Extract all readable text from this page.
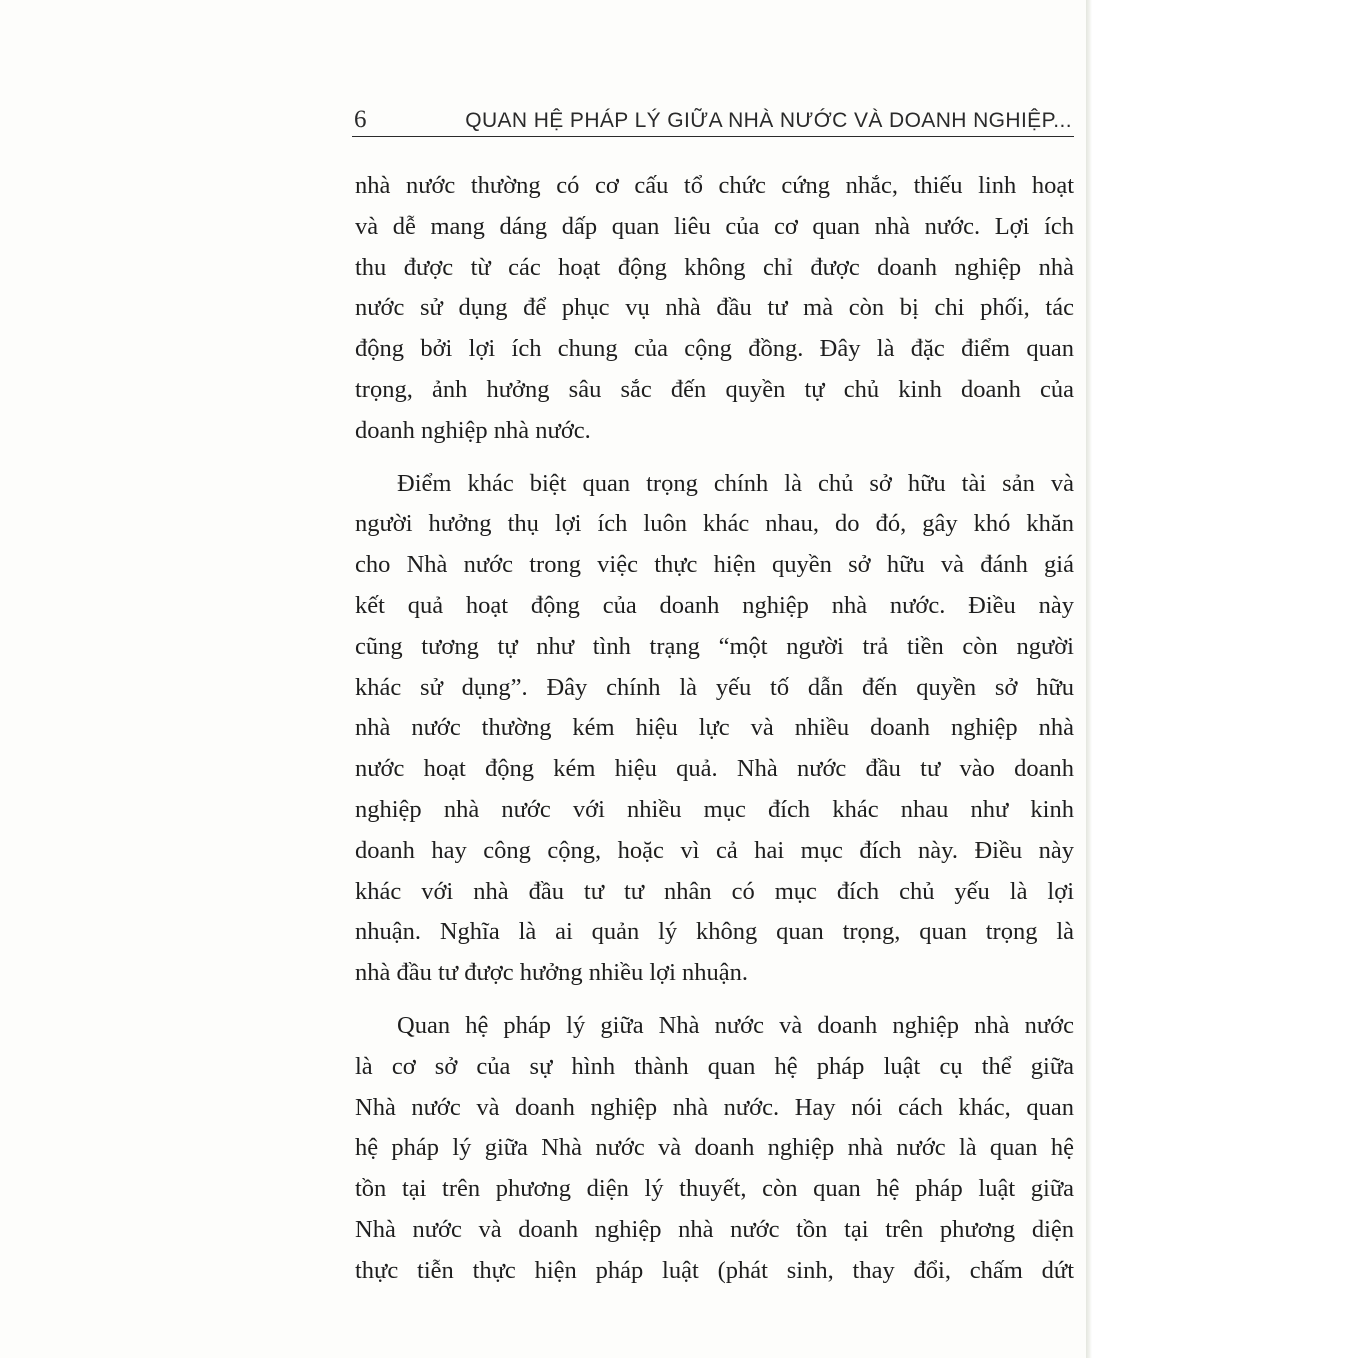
6	QUAN HỆ PHÁP LÝ GIỮA NHÀ NƯỚC VÀ DOANH NGHIỆP...

nhà nước thường có cơ cấu tổ chức cứng nhắc, thiếu linh hoạt
và dễ mang dáng dấp quan liêu của cơ quan nhà nước. Lợi ích
thu được từ các hoạt động không chỉ được doanh nghiệp nhà
nước sử dụng để phục vụ nhà đầu tư mà còn bị chi phối, tác
động bởi lợi ích chung của cộng đồng. Đây là đặc điểm quan
trọng, ảnh hưởng sâu sắc đến quyền tự chủ kinh doanh của
doanh nghiệp nhà nước.

Điểm khác biệt quan trọng chính là chủ sở hữu tài sản và
người hưởng thụ lợi ích luôn khác nhau, do đó, gây khó khăn
cho Nhà nước trong việc thực hiện quyền sở hữu và đánh giá
kết quả hoạt động của doanh nghiệp nhà nước. Điều này
cũng tương tự như tình trạng “một người trả tiền còn người
khác sử dụng”. Đây chính là yếu tố dẫn đến quyền sở hữu
nhà nước thường kém hiệu lực và nhiều doanh nghiệp nhà
nước hoạt động kém hiệu quả. Nhà nước đầu tư vào doanh
nghiệp nhà nước với nhiều mục đích khác nhau như kinh
doanh hay công cộng, hoặc vì cả hai mục đích này. Điều này
khác với nhà đầu tư tư nhân có mục đích chủ yếu là lợi
nhuận. Nghĩa là ai quản lý không quan trọng, quan trọng là
nhà đầu tư được hưởng nhiều lợi nhuận.

Quan hệ pháp lý giữa Nhà nước và doanh nghiệp nhà nước
là cơ sở của sự hình thành quan hệ pháp luật cụ thể giữa
Nhà nước và doanh nghiệp nhà nước. Hay nói cách khác, quan
hệ pháp lý giữa Nhà nước và doanh nghiệp nhà nước là quan hệ
tồn tại trên phương diện lý thuyết, còn quan hệ pháp luật giữa
Nhà nước và doanh nghiệp nhà nước tồn tại trên phương diện
thực tiễn thực hiện pháp luật (phát sinh, thay đổi, chấm dứt
